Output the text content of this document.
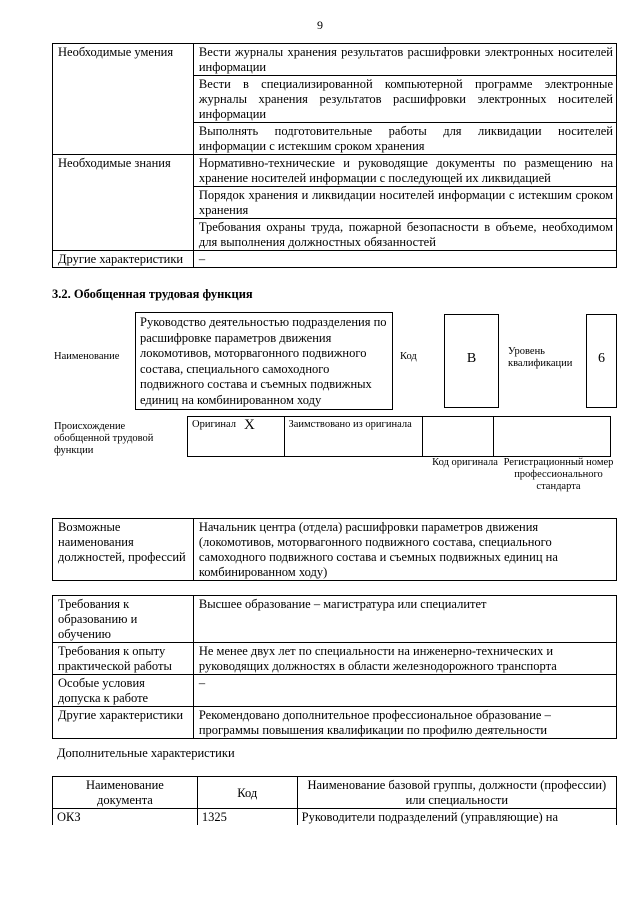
9
Необходимые умения	Вести журналы хранения результатов расшифровки электронных носителей информации
	Вести в специализированной компьютерной программе электронные журналы хранения результатов расшифровки электронных носителей информации
	Выполнять подготовительные работы для ликвидации носителей информации с истекшим сроком хранения
Необходимые знания	Нормативно-технические и руководящие документы по размещению на хранение носителей информации с последующей их ликвидацией
	Порядок хранения и ликвидации носителей информации с истекшим сроком хранения
	Требования охраны труда, пожарной безопасности в объеме, необходимом для выполнения должностных обязанностей
Другие характеристики	–
3.2. Обобщенная трудовая функция
Наименование
Руководство деятельностью подразделения по расшифровке параметров движения локомотивов, моторвагонного подвижного состава, специального самоходного подвижного состава и съемных подвижных единиц на комбинированном ходу
Код	B	Уровень квалификации	6
Происхождение обобщенной трудовой функции
Оригинал	X	Заимствовано из оригинала		
Код оригинала Регистрационный номер профессионального стандарта
Возможные наименования должностей, профессий	Начальник центра (отдела) расшифровки параметров движения (локомотивов, моторвагонного подвижного состава, специального самоходного подвижного состава и съемных подвижных единиц на комбинированном ходу)
Требования к образованию и обучению	Высшее образование – магистратура или специалитет
Требования к опыту практической работы	Не менее двух лет по специальности на инженерно-технических и руководящих должностях в области железнодорожного транспорта
Особые условия допуска к работе	–
Другие характеристики	Рекомендовано дополнительное профессиональное образование – программы повышения квалификации по профилю деятельности
Дополнительные характеристики
Наименование документа	Код	Наименование базовой группы, должности (профессии) или специальности
ОКЗ	1325	Руководители подразделений (управляющие) на
